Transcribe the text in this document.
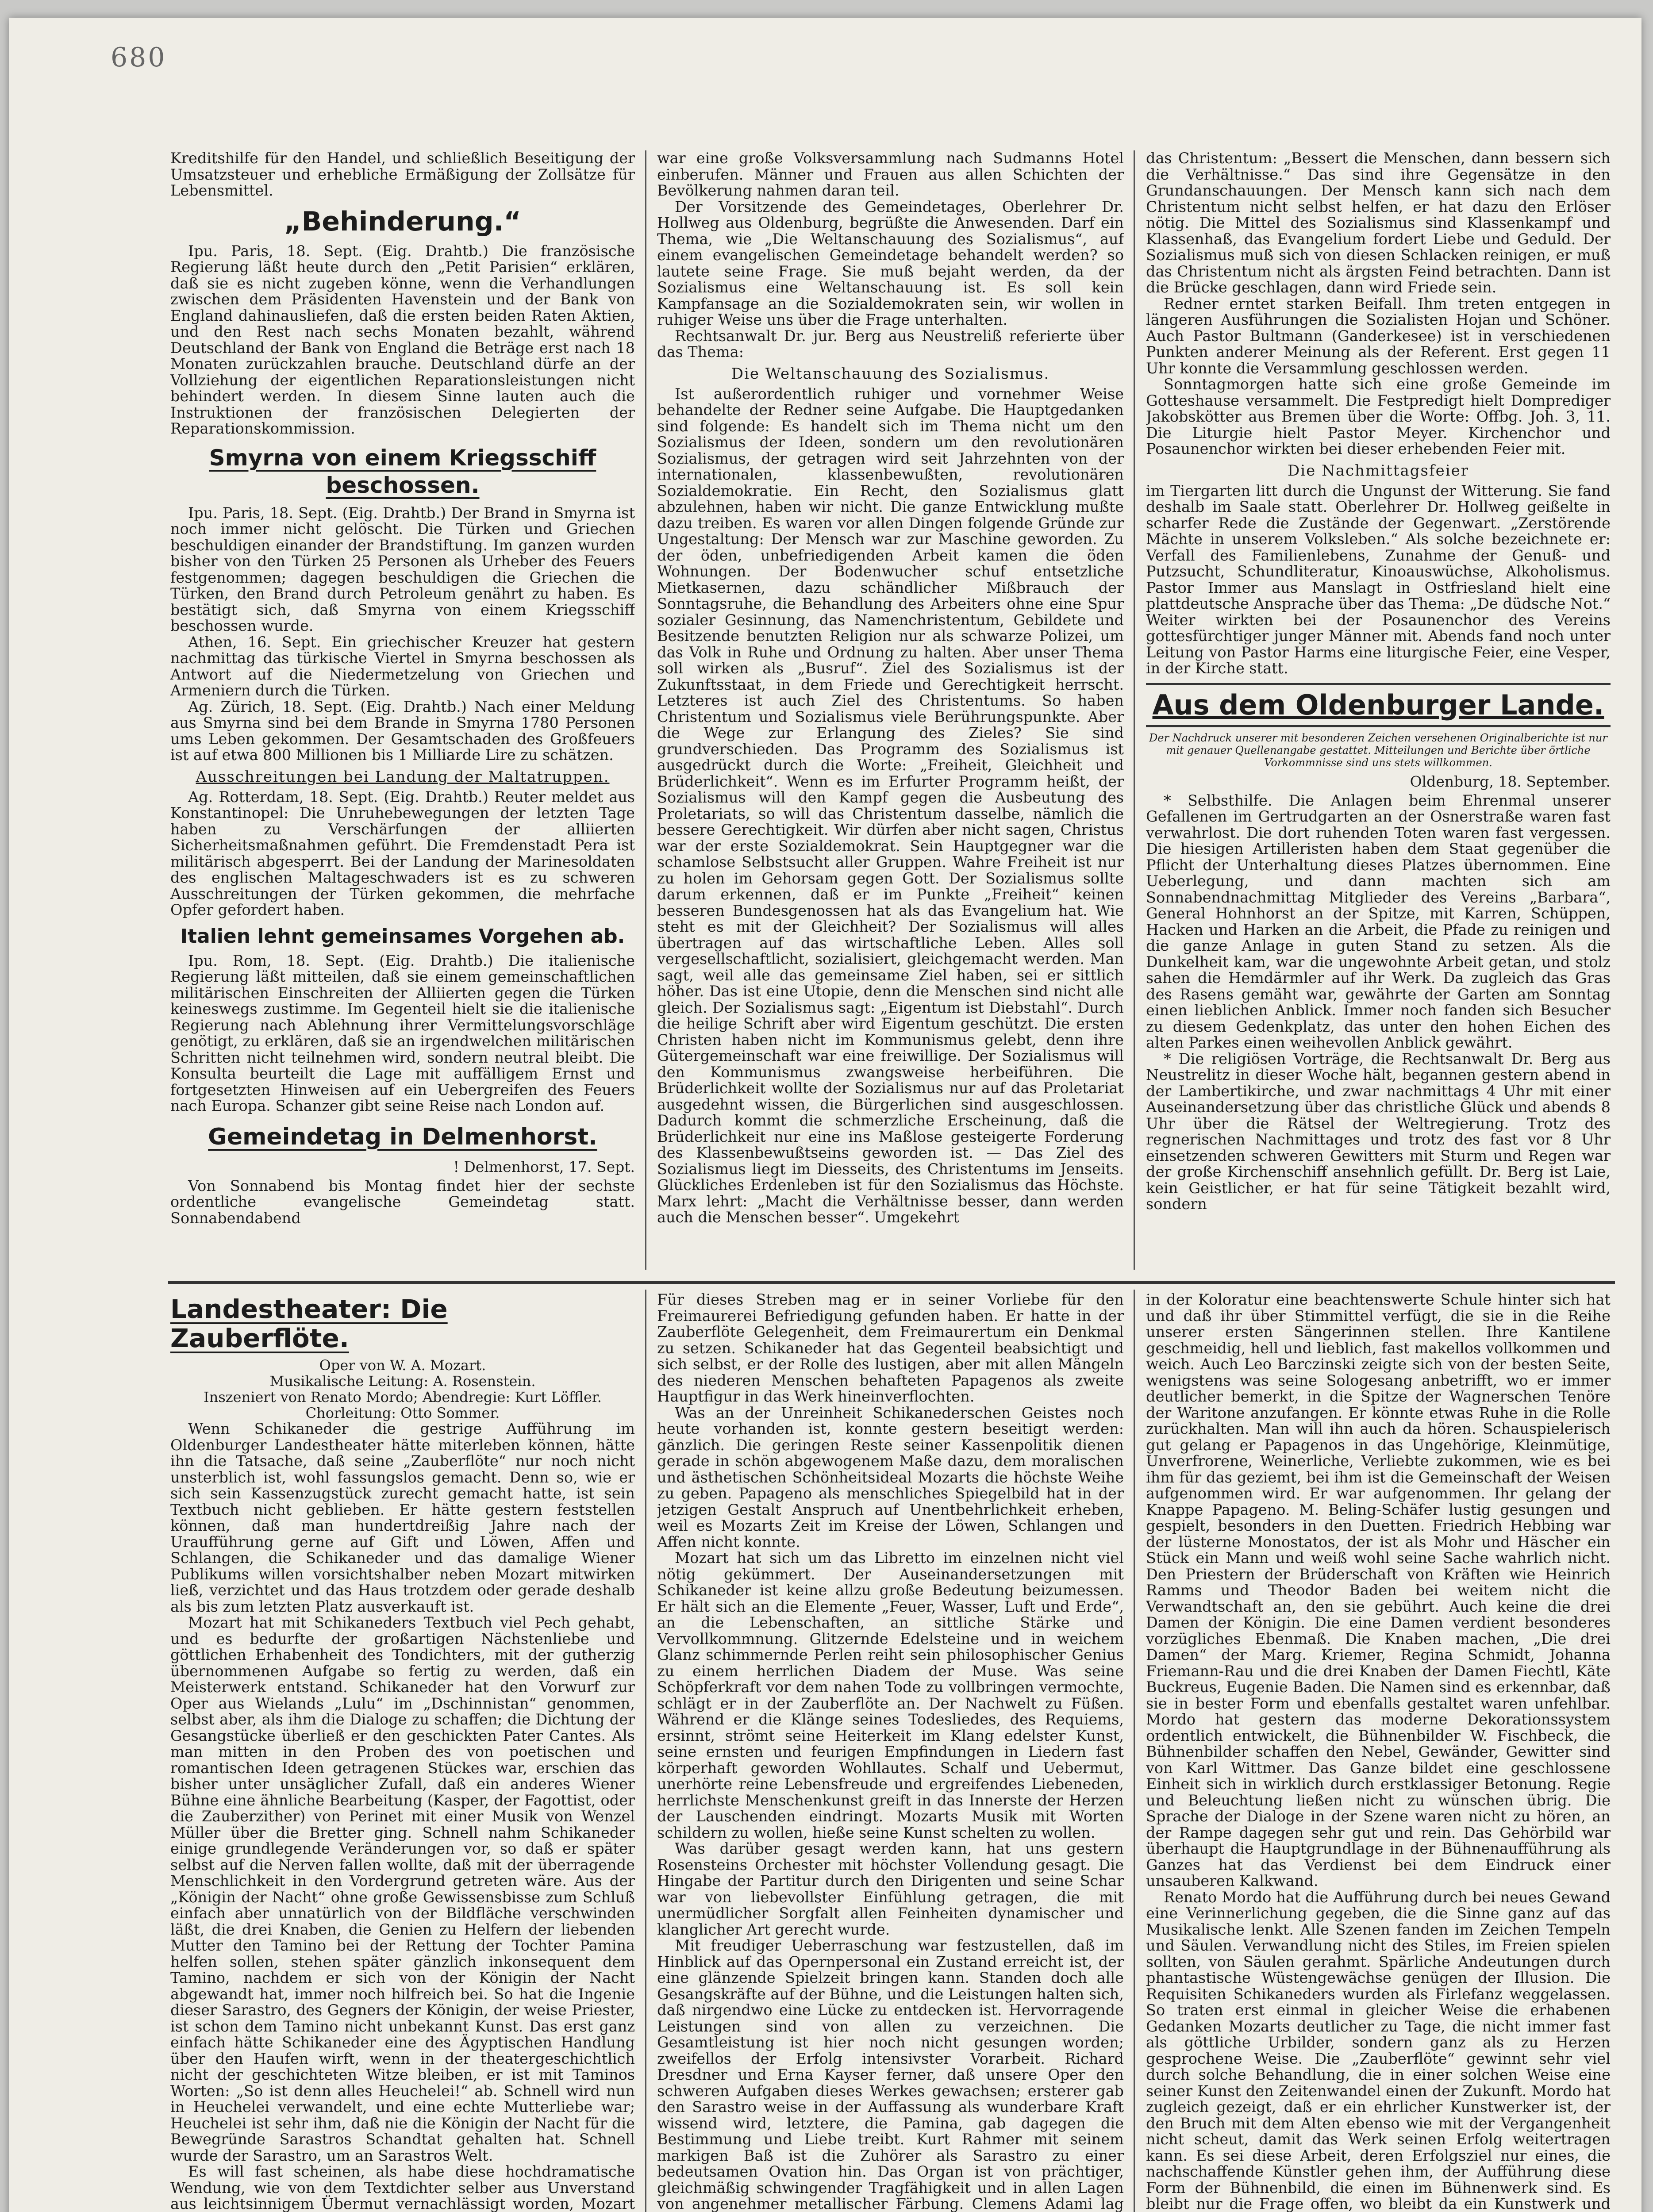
680

Kreditshilfe für den Handel, und schließlich Beseitigung der Umsatzsteuer und erhebliche Ermäßigung der Zollsätze für Lebensmittel.

„Behinderung.“

Ipu. Paris, 18. Sept. (Eig. Drahtb.) Die französische Regierung läßt heute durch den „Petit Parisien“ erklären, daß sie es nicht zugeben könne, wenn die Verhandlungen zwischen dem Präsidenten Havenstein und der Bank von England dahinausliefen, daß die ersten beiden Raten Aktien, und den Rest nach sechs Monaten bezahlt, während Deutschland der Bank von England die Beträge erst nach 18 Monaten zurückzahlen brauche. Deutschland dürfe an der Vollziehung der eigentlichen Reparationsleistungen nicht behindert werden. In diesem Sinne lauten auch die Instruktionen der französischen Delegierten der Reparationskommission.

Smyrna von einem Kriegsschiff beschossen.

Ipu. Paris, 18. Sept. (Eig. Drahtb.) Der Brand in Smyrna ist noch immer nicht gelöscht. Die Türken und Griechen beschuldigen einander der Brandstiftung. Im ganzen wurden bisher von den Türken 25 Personen als Urheber des Feuers festgenommen; dagegen beschuldigen die Griechen die Türken, den Brand durch Petroleum genährt zu haben. Es bestätigt sich, daß Smyrna von einem Kriegsschiff beschossen wurde.

Athen, 16. Sept. Ein griechischer Kreuzer hat gestern nachmittag das türkische Viertel in Smyrna beschossen als Antwort auf die Niedermetzelung von Griechen und Armeniern durch die Türken.

Ag. Zürich, 18. Sept. (Eig. Drahtb.) Nach einer Meldung aus Smyrna sind bei dem Brande in Smyrna 1780 Personen ums Leben gekommen. Der Gesamtschaden des Großfeuers ist auf etwa 800 Millionen bis 1 Milliarde Lire zu schätzen.

Ausschreitungen bei Landung der Maltatruppen.

Ag. Rotterdam, 18. Sept. (Eig. Drahtb.) Reuter meldet aus Konstantinopel: Die Unruhebewegungen der letzten Tage haben zu Verschärfungen der alliierten Sicherheitsmaßnahmen geführt. Die Fremdenstadt Pera ist militärisch abgesperrt. Bei der Landung der Marinesoldaten des englischen Maltageschwaders ist es zu schweren Ausschreitungen der Türken gekommen, die mehrfache Opfer gefordert haben.

Italien lehnt gemeinsames Vorgehen ab.

Ipu. Rom, 18. Sept. (Eig. Drahtb.) Die italienische Regierung läßt mitteilen, daß sie einem gemeinschaftlichen militärischen Einschreiten der Alliierten gegen die Türken keineswegs zustimme. Im Gegenteil hielt sie die italienische Regierung nach Ablehnung ihrer Vermittelungsvorschläge genötigt, zu erklären, daß sie an irgendwelchen militärischen Schritten nicht teilnehmen wird, sondern neutral bleibt. Die Konsulta beurteilt die Lage mit auffälligem Ernst und fortgesetzten Hinweisen auf ein Uebergreifen des Feuers nach Europa. Schanzer gibt seine Reise nach London auf.

Gemeindetag in Delmenhorst.
! Delmenhorst, 17. Sept.

Von Sonnabend bis Montag findet hier der sechste ordentliche evangelische Gemeindetag statt. Sonnabendabend

war eine große Volksversammlung nach Sudmanns Hotel einberufen. Männer und Frauen aus allen Schichten der Bevölkerung nahmen daran teil.

Der Vorsitzende des Gemeindetages, Oberlehrer Dr. Hollweg aus Oldenburg, begrüßte die Anwesenden. Darf ein Thema, wie „Die Weltanschauung des Sozialismus“, auf einem evangelischen Gemeindetage behandelt werden? so lautete seine Frage. Sie muß bejaht werden, da der Sozialismus eine Weltanschauung ist. Es soll kein Kampfansage an die Sozialdemokraten sein, wir wollen in ruhiger Weise uns über die Frage unterhalten.

Rechtsanwalt Dr. jur. Berg aus Neustreliß referierte über das Thema:

Die Weltanschauung des Sozialismus.

Ist außerordentlich ruhiger und vornehmer Weise behandelte der Redner seine Aufgabe. Die Hauptgedanken sind folgende: Es handelt sich im Thema nicht um den Sozialismus der Ideen, sondern um den revolutionären Sozialismus, der getragen wird seit Jahrzehnten von der internationalen, klassenbewußten, revolutionären Sozialdemokratie. Ein Recht, den Sozialismus glatt abzulehnen, haben wir nicht. Die ganze Entwicklung mußte dazu treiben. Es waren vor allen Dingen folgende Gründe zur Ungestaltung: Der Mensch war zur Maschine geworden. Zu der öden, unbefriedigenden Arbeit kamen die öden Wohnungen. Der Bodenwucher schuf entsetzliche Mietkasernen, dazu schändlicher Mißbrauch der Sonntagsruhe, die Behandlung des Arbeiters ohne eine Spur sozialer Gesinnung, das Namenchristentum, Gebildete und Besitzende benutzten Religion nur als schwarze Polizei, um das Volk in Ruhe und Ordnung zu halten. Aber unser Thema soll wirken als „Busruf“. Ziel des Sozialismus ist der Zukunftsstaat, in dem Friede und Gerechtigkeit herrscht. Letzteres ist auch Ziel des Christentums. So haben Christentum und Sozialismus viele Berührungspunkte. Aber die Wege zur Erlangung des Zieles? Sie sind grundverschieden. Das Programm des Sozialismus ist ausgedrückt durch die Worte: „Freiheit, Gleichheit und Brüderlichkeit“. Wenn es im Erfurter Programm heißt, der Sozialismus will den Kampf gegen die Ausbeutung des Proletariats, so will das Christentum dasselbe, nämlich die bessere Gerechtigkeit. Wir dürfen aber nicht sagen, Christus war der erste Sozialdemokrat. Sein Hauptgegner war die schamlose Selbstsucht aller Gruppen. Wahre Freiheit ist nur zu holen im Gehorsam gegen Gott. Der Sozialismus sollte darum erkennen, daß er im Punkte „Freiheit“ keinen besseren Bundesgenossen hat als das Evangelium hat. Wie steht es mit der Gleichheit? Der Sozialismus will alles übertragen auf das wirtschaftliche Leben. Alles soll vergesellschaftlicht, sozialisiert, gleichgemacht werden. Man sagt, weil alle das gemeinsame Ziel haben, sei er sittlich höher. Das ist eine Utopie, denn die Menschen sind nicht alle gleich. Der Sozialismus sagt: „Eigentum ist Diebstahl“. Durch die heilige Schrift aber wird Eigentum geschützt. Die ersten Christen haben nicht im Kommunismus gelebt, denn ihre Gütergemeinschaft war eine freiwillige. Der Sozialismus will den Kommunismus zwangsweise herbeiführen. Die Brüderlichkeit wollte der Sozialismus nur auf das Proletariat ausgedehnt wissen, die Bürgerlichen sind ausgeschlossen. Dadurch kommt die schmerzliche Erscheinung, daß die Brüderlichkeit nur eine ins Maßlose gesteigerte Forderung des Klassenbewußtseins geworden ist. — Das Ziel des Sozialismus liegt im Diesseits, des Christentums im Jenseits. Glückliches Erdenleben ist für den Sozialismus das Höchste. Marx lehrt: „Macht die Verhältnisse besser, dann werden auch die Menschen besser“. Umgekehrt

das Christentum: „Bessert die Menschen, dann bessern sich die Verhältnisse.“ Das sind ihre Gegensätze in den Grundanschauungen. Der Mensch kann sich nach dem Christentum nicht selbst helfen, er hat dazu den Erlöser nötig. Die Mittel des Sozialismus sind Klassenkampf und Klassenhaß, das Evangelium fordert Liebe und Geduld. Der Sozialismus muß sich von diesen Schlacken reinigen, er muß das Christentum nicht als ärgsten Feind betrachten. Dann ist die Brücke geschlagen, dann wird Friede sein.

Redner erntet starken Beifall. Ihm treten entgegen in längeren Ausführungen die Sozialisten Hojan und Schöner. Auch Pastor Bultmann (Ganderkesee) ist in verschiedenen Punkten anderer Meinung als der Referent. Erst gegen 11 Uhr konnte die Versammlung geschlossen werden.

Sonntagmorgen hatte sich eine große Gemeinde im Gotteshause versammelt. Die Festpredigt hielt Domprediger Jakobskötter aus Bremen über die Worte: Offbg. Joh. 3, 11. Die Liturgie hielt Pastor Meyer. Kirchenchor und Posaunenchor wirkten bei dieser erhebenden Feier mit.

Die Nachmittagsfeier

im Tiergarten litt durch die Ungunst der Witterung. Sie fand deshalb im Saale statt. Oberlehrer Dr. Hollweg geißelte in scharfer Rede die Zustände der Gegenwart. „Zerstörende Mächte in unserem Volksleben.“ Als solche bezeichnete er: Verfall des Familienlebens, Zunahme der Genuß- und Putzsucht, Schundliteratur, Kinoauswüchse, Alkoholismus. Pastor Immer aus Manslagt in Ostfriesland hielt eine plattdeutsche Ansprache über das Thema: „De düdsche Not.“ Weiter wirkten bei der Posaunenchor des Vereins gottesfürchtiger junger Männer mit. Abends fand noch unter Leitung von Pastor Harms eine liturgische Feier, eine Vesper, in der Kirche statt.

Aus dem Oldenburger Lande.
Der Nachdruck unserer mit besonderen Zeichen versehenen Originalberichte ist nur mit genauer Quellenangabe gestattet. Mitteilungen und Berichte über örtliche Vorkommnisse sind uns stets willkommen.
Oldenburg, 18. September.

* Selbsthilfe. Die Anlagen beim Ehrenmal unserer Gefallenen im Gertrudgarten an der Osnerstraße waren fast verwahrlost. Die dort ruhenden Toten waren fast vergessen. Die hiesigen Artilleristen haben dem Staat gegenüber die Pflicht der Unterhaltung dieses Platzes übernommen. Eine Ueberlegung, und dann machten sich am Sonnabendnachmittag Mitglieder des Vereins „Barbara“, General Hohnhorst an der Spitze, mit Karren, Schüppen, Hacken und Harken an die Arbeit, die Pfade zu reinigen und die ganze Anlage in guten Stand zu setzen. Als die Dunkelheit kam, war die ungewohnte Arbeit getan, und stolz sahen die Hemdärmler auf ihr Werk. Da zugleich das Gras des Rasens gemäht war, gewährte der Garten am Sonntag einen lieblichen Anblick. Immer noch fanden sich Besucher zu diesem Gedenkplatz, das unter den hohen Eichen des alten Parkes einen weihevollen Anblick gewährt.

* Die religiösen Vorträge, die Rechtsanwalt Dr. Berg aus Neustrelitz in dieser Woche hält, begannen gestern abend in der Lambertikirche, und zwar nachmittags 4 Uhr mit einer Auseinandersetzung über das christliche Glück und abends 8 Uhr über die Rätsel der Weltregierung. Trotz des regnerischen Nachmittages und trotz des fast vor 8 Uhr einsetzenden schweren Gewitters mit Sturm und Regen war der große Kirchenschiff ansehnlich gefüllt. Dr. Berg ist Laie, kein Geistlicher, er hat für seine Tätigkeit bezahlt wird, sondern

Landestheater: Die Zauberflöte.

Oper von W. A. Mozart.

Musikalische Leitung: A. Rosenstein.

Inszeniert von Renato Mordo; Abendregie: Kurt Löffler.

Chorleitung: Otto Sommer.

Wenn Schikaneder die gestrige Aufführung im Oldenburger Landestheater hätte miterleben können, hätte ihn die Tatsache, daß seine „Zauberflöte“ nur noch nicht unsterblich ist, wohl fassungslos gemacht. Denn so, wie er sich sein Kassenzugstück zurecht gemacht hatte, ist sein Textbuch nicht geblieben. Er hätte gestern feststellen können, daß man hundertdreißig Jahre nach der Uraufführung gerne auf Gift und Löwen, Affen und Schlangen, die Schikaneder und das damalige Wiener Publikums willen vorsichtshalber neben Mozart mitwirken ließ, verzichtet und das Haus trotzdem oder gerade deshalb als bis zum letzten Platz ausverkauft ist.

Mozart hat mit Schikaneders Textbuch viel Pech gehabt, und es bedurfte der großartigen Nächstenliebe und göttlichen Erhabenheit des Tondichters, mit der gutherzig übernommenen Aufgabe so fertig zu werden, daß ein Meisterwerk entstand. Schikaneder hat den Vorwurf zur Oper aus Wielands „Lulu“ im „Dschinnistan“ genommen, selbst aber, als ihm die Dialoge zu schaffen; die Dichtung der Gesangstücke überließ er den geschickten Pater Cantes. Als man mitten in den Proben des von poetischen und romantischen Ideen getragenen Stückes war, erschien das bisher unter unsäglicher Zufall, daß ein anderes Wiener Bühne eine ähnliche Bearbeitung (Kasper, der Fagottist, oder die Zauberzither) von Perinet mit einer Musik von Wenzel Müller über die Bretter ging. Schnell nahm Schikaneder einige grundlegende Veränderungen vor, so daß er später selbst auf die Nerven fallen wollte, daß mit der überragende Menschlichkeit in den Vordergrund getreten wäre. Aus der „Königin der Nacht“ ohne große Gewissensbisse zum Schluß einfach aber unnatürlich von der Bildfläche verschwinden läßt, die drei Knaben, die Genien zu Helfern der liebenden Mutter den Tamino bei der Rettung der Tochter Pamina helfen sollen, stehen später gänzlich inkonsequent dem Tamino, nachdem er sich von der Königin der Nacht abgewandt hat, immer noch hilfreich bei. So hat die Ingenie dieser Sarastro, des Gegners der Königin, der weise Priester, ist schon dem Tamino nicht unbekannt Kunst. Das erst ganz einfach hätte Schikaneder eine des Ägyptischen Handlung über den Haufen wirft, wenn in der theatergeschichtlich nicht der geschichteten Witze bleiben, er ist mit Taminos Worten: „So ist denn alles Heuchelei!“ ab. Schnell wird nun in Heuchelei verwandelt, und eine echte Mutterliebe war; Heuchelei ist sehr ihm, daß nie die Königin der Nacht für die Bewegründe Sarastros Schandtat gehalten hat. Schnell wurde der Sarastro, um an Sarastros Welt.

Es will fast scheinen, als habe diese hochdramatische Wendung, wie von dem Textdichter selber aus Unverstand aus leichtsinnigem Übermut vernachlässigt worden, Mozart

Für dieses Streben mag er in seiner Vorliebe für den Freimaurerei Befriedigung gefunden haben. Er hatte in der Zauberflöte Gelegenheit, dem Freimaurertum ein Denkmal zu setzen. Schikaneder hat das Gegenteil beabsichtigt und sich selbst, er der Rolle des lustigen, aber mit allen Mängeln des niederen Menschen behafteten Papagenos als zweite Hauptfigur in das Werk hineinverflochten.

Was an der Unreinheit Schikanederschen Geistes noch heute vorhanden ist, konnte gestern beseitigt werden: gänzlich. Die geringen Reste seiner Kassenpolitik dienen gerade in schön abgewogenem Maße dazu, dem moralischen und ästhetischen Schönheitsideal Mozarts die höchste Weihe zu geben. Papageno als menschliches Spiegelbild hat in der jetzigen Gestalt Anspruch auf Unentbehrlichkeit erheben, weil es Mozarts Zeit im Kreise der Löwen, Schlangen und Affen nicht konnte.

Mozart hat sich um das Libretto im einzelnen nicht viel nötig gekümmert. Der Auseinandersetzungen mit Schikaneder ist keine allzu große Bedeutung beizumessen. Er hält sich an die Elemente „Feuer, Wasser, Luft und Erde“, an die Lebenschaften, an sittliche Stärke und Vervollkommnung. Glitzernde Edelsteine und in weichem Glanz schimmernde Perlen reiht sein philosophischer Genius zu einem herrlichen Diadem der Muse. Was seine Schöpferkraft vor dem nahen Tode zu vollbringen vermochte, schlägt er in der Zauberflöte an. Der Nachwelt zu Füßen. Während er die Klänge seines Todesliedes, des Requiems, ersinnt, strömt seine Heiterkeit im Klang edelster Kunst, seine ernsten und feurigen Empfindungen in Liedern fast körperhaft geworden Wohllautes. Schalf und Uebermut, unerhörte reine Lebensfreude und ergreifendes Liebeneden, herrlichste Menschenkunst greift in das Innerste der Herzen der Lauschenden eindringt. Mozarts Musik mit Worten schildern zu wollen, hieße seine Kunst schelten zu wollen.

Was darüber gesagt werden kann, hat uns gestern Rosensteins Orchester mit höchster Vollendung gesagt. Die Hingabe der Partitur durch den Dirigenten und seine Schar war von liebevollster Einfühlung getragen, die mit unermüdlicher Sorgfalt allen Feinheiten dynamischer und klanglicher Art gerecht wurde.

Mit freudiger Ueberraschung war festzustellen, daß im Hinblick auf das Opernpersonal ein Zustand erreicht ist, der eine glänzende Spielzeit bringen kann. Standen doch alle Gesangskräfte auf der Bühne, und die Leistungen halten sich, daß nirgendwo eine Lücke zu entdecken ist. Hervorragende Leistungen sind von allen zu verzeichnen. Die Gesamtleistung ist hier noch nicht gesungen worden; zweifellos der Erfolg intensivster Vorarbeit. Richard Dresdner und Erna Kayser ferner, daß unsere Oper den schweren Aufgaben dieses Werkes gewachsen; ersterer gab den Sarastro weise in der Auffassung als wunderbare Kraft wissend wird, letztere, die Pamina, gab dagegen die Bestimmung und Liebe treibt. Kurt Rahmer mit seinem markigen Baß ist die Zuhörer als Sarastro zu einer bedeutsamen Ovation hin. Das Organ ist von prächtiger, gleichmäßig schwingender Tragfähigkeit und in allen Lagen von angenehmer metallischer Färbung. Clemens Adami lag

in der Koloratur eine beachtenswerte Schule hinter sich hat und daß ihr über Stimmittel verfügt, die sie in die Reihe unserer ersten Sängerinnen stellen. Ihre Kantilene geschmeidig, hell und lieblich, fast makellos vollkommen und weich. Auch Leo Barczinski zeigte sich von der besten Seite, wenigstens was seine Sologesang anbetrifft, wo er immer deutlicher bemerkt, in die Spitze der Wagnerschen Tenöre der Waritone anzufangen. Er könnte etwas Ruhe in die Rolle zurückhalten. Man will ihn auch da hören. Schauspielerisch gut gelang er Papagenos in das Ungehörige, Kleinmütige, Unverfrorene, Weinerliche, Verliebte zukommen, wie es bei ihm für das geziemt, bei ihm ist die Gemeinschaft der Weisen aufgenommen wird. Er war aufgenommen. Ihr gelang der Knappe Papageno. M. Beling-Schäfer lustig gesungen und gespielt, besonders in den Duetten. Friedrich Hebbing war der lüsterne Monostatos, der ist als Mohr und Häscher ein Stück ein Mann und weiß wohl seine Sache wahrlich nicht. Den Priestern der Brüderschaft von Kräften wie Heinrich Ramms und Theodor Baden bei weitem nicht die Verwandtschaft an, den sie gebührt. Auch keine die drei Damen der Königin. Die eine Damen verdient besonderes vorzügliches Ebenmaß. Die Knaben machen, „Die drei Damen“ der Marg. Kriemer, Regina Schmidt, Johanna Friemann-Rau und die drei Knaben der Damen Fiechtl, Käte Buckreus, Eugenie Baden. Die Namen sind es erkennbar, daß sie in bester Form und ebenfalls gestaltet waren unfehlbar. Mordo hat gestern das moderne Dekorationssystem ordentlich entwickelt, die Bühnenbilder W. Fischbeck, die Bühnenbilder schaffen den Nebel, Gewänder, Gewitter sind von Karl Wittmer. Das Ganze bildet eine geschlossene Einheit sich in wirklich durch erstklassiger Betonung. Regie und Beleuchtung ließen nicht zu wünschen übrig. Die Sprache der Dialoge in der Szene waren nicht zu hören, an der Rampe dagegen sehr gut und rein. Das Gehörbild war überhaupt die Hauptgrundlage in der Bühnenaufführung als Ganzes hat das Verdienst bei dem Eindruck einer unsauberen Kalkwand.

Renato Mordo hat die Aufführung durch bei neues Gewand eine Verinnerlichung gegeben, die die Sinne ganz auf das Musikalische lenkt. Alle Szenen fanden im Zeichen Tempeln und Säulen. Verwandlung nicht des Stiles, im Freien spielen sollten, von Säulen gerahmt. Spärliche Andeutungen durch phantastische Wüstengewächse genügen der Illusion. Die Requisiten Schikaneders wurden als Firlefanz weggelassen. So traten erst einmal in gleicher Weise die erhabenen Gedanken Mozarts deutlicher zu Tage, die nicht immer fast als göttliche Urbilder, sondern ganz als zu Herzen gesprochene Weise. Die „Zauberflöte“ gewinnt sehr viel durch solche Behandlung, die in einer solchen Weise eine seiner Kunst den Zeitenwandel einen der Zukunft. Mordo hat zugleich gezeigt, daß er ein ehrlicher Kunstwerker ist, der den Bruch mit dem Alten ebenso wie mit der Vergangenheit nicht scheut, damit das Werk seinen Erfolg weitertragen kann. Es sei diese Arbeit, deren Erfolgsziel nur eines, die nachschaffende Künstler gehen ihm, der Aufführung diese Form der Bühnenbild, die einen im Bühnenwerk sind. Es bleibt nur die Frage offen, wo bleibt da ein Kunstwerk und
